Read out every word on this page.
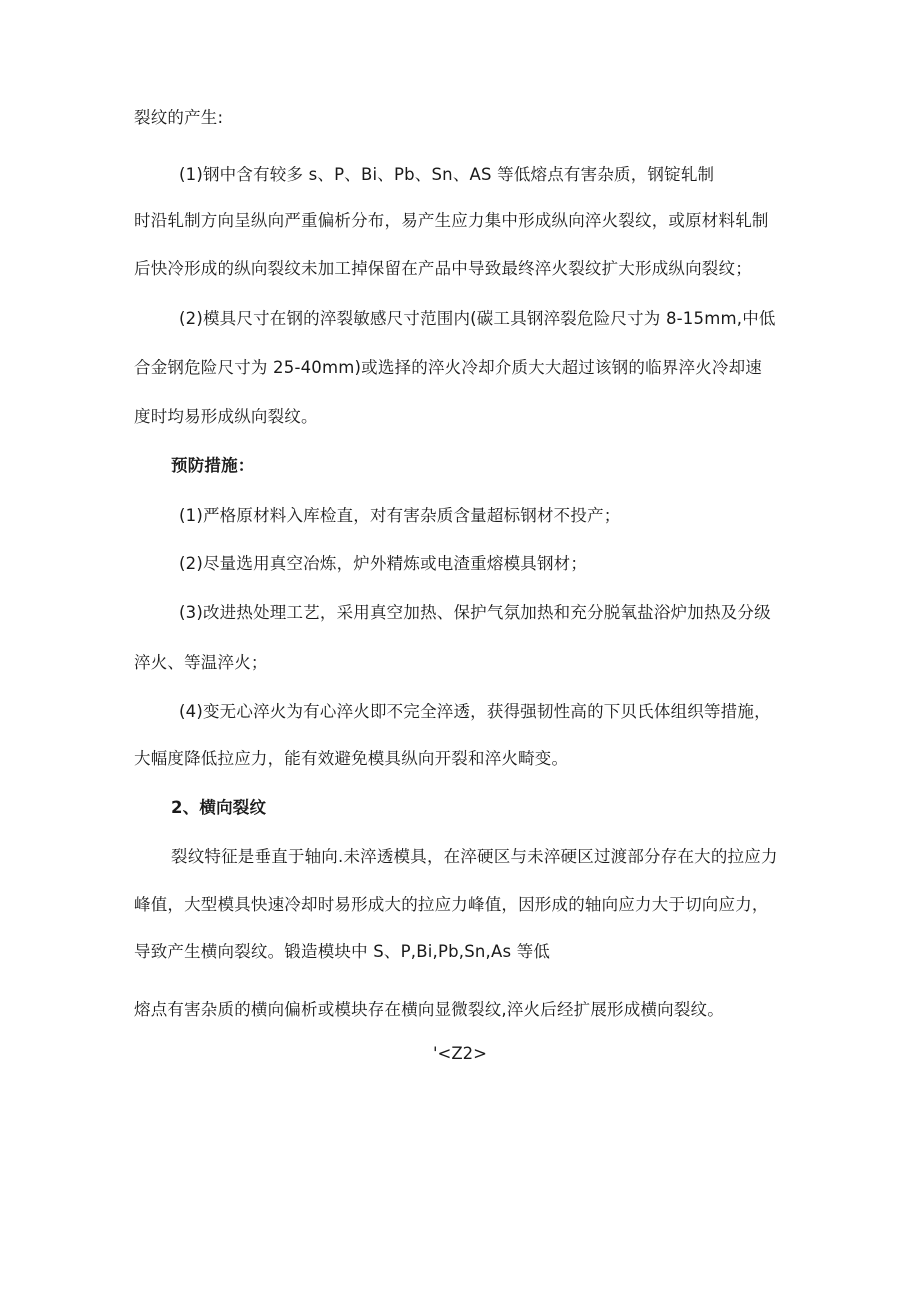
裂纹的产生:
(1)钢中含有较多 s、P、Bi、Pb、Sn、AS 等低熔点有害杂质，钢锭轧制
时沿轧制方向呈纵向严重偏析分布，易产生应力集中形成纵向淬火裂纹，或原材料轧制
后快冷形成的纵向裂纹未加工掉保留在产品中导致最终淬火裂纹扩大形成纵向裂纹；
(2)模具尺寸在钢的淬裂敏感尺寸范围内(碳工具钢淬裂危险尺寸为 8-15mm,中低
合金钢危险尺寸为 25-40mm)或选择的淬火冷却介质大大超过该钢的临界淬火冷却速
度时均易形成纵向裂纹。
预防措施：
(1)严格原材料入库检直，对有害杂质含量超标钢材不投产；
(2)尽量选用真空冶炼，炉外精炼或电渣重熔模具钢材；
(3)改进热处理工艺，采用真空加热、保护气氛加热和充分脱氧盐浴炉加热及分级
淬火、等温淬火；
(4)变无心淬火为有心淬火即不完全淬透，获得强韧性高的下贝氏体组织等措施，
大幅度降低拉应力，能有效避免模具纵向开裂和淬火畸变。
2、横向裂纹
裂纹特征是垂直于轴向.未淬透模具，在淬硬区与未淬硬区过渡部分存在大的拉应力
峰值，大型模具快速冷却时易形成大的拉应力峰值，因形成的轴向应力大于切向应力，
导致产生横向裂纹。锻造模块中 S、P,Bi,Pb,Sn,As 等低
熔点有害杂质的横向偏析或模块存在横向显微裂纹,淬火后经扩展形成横向裂纹。
'<Z2>
